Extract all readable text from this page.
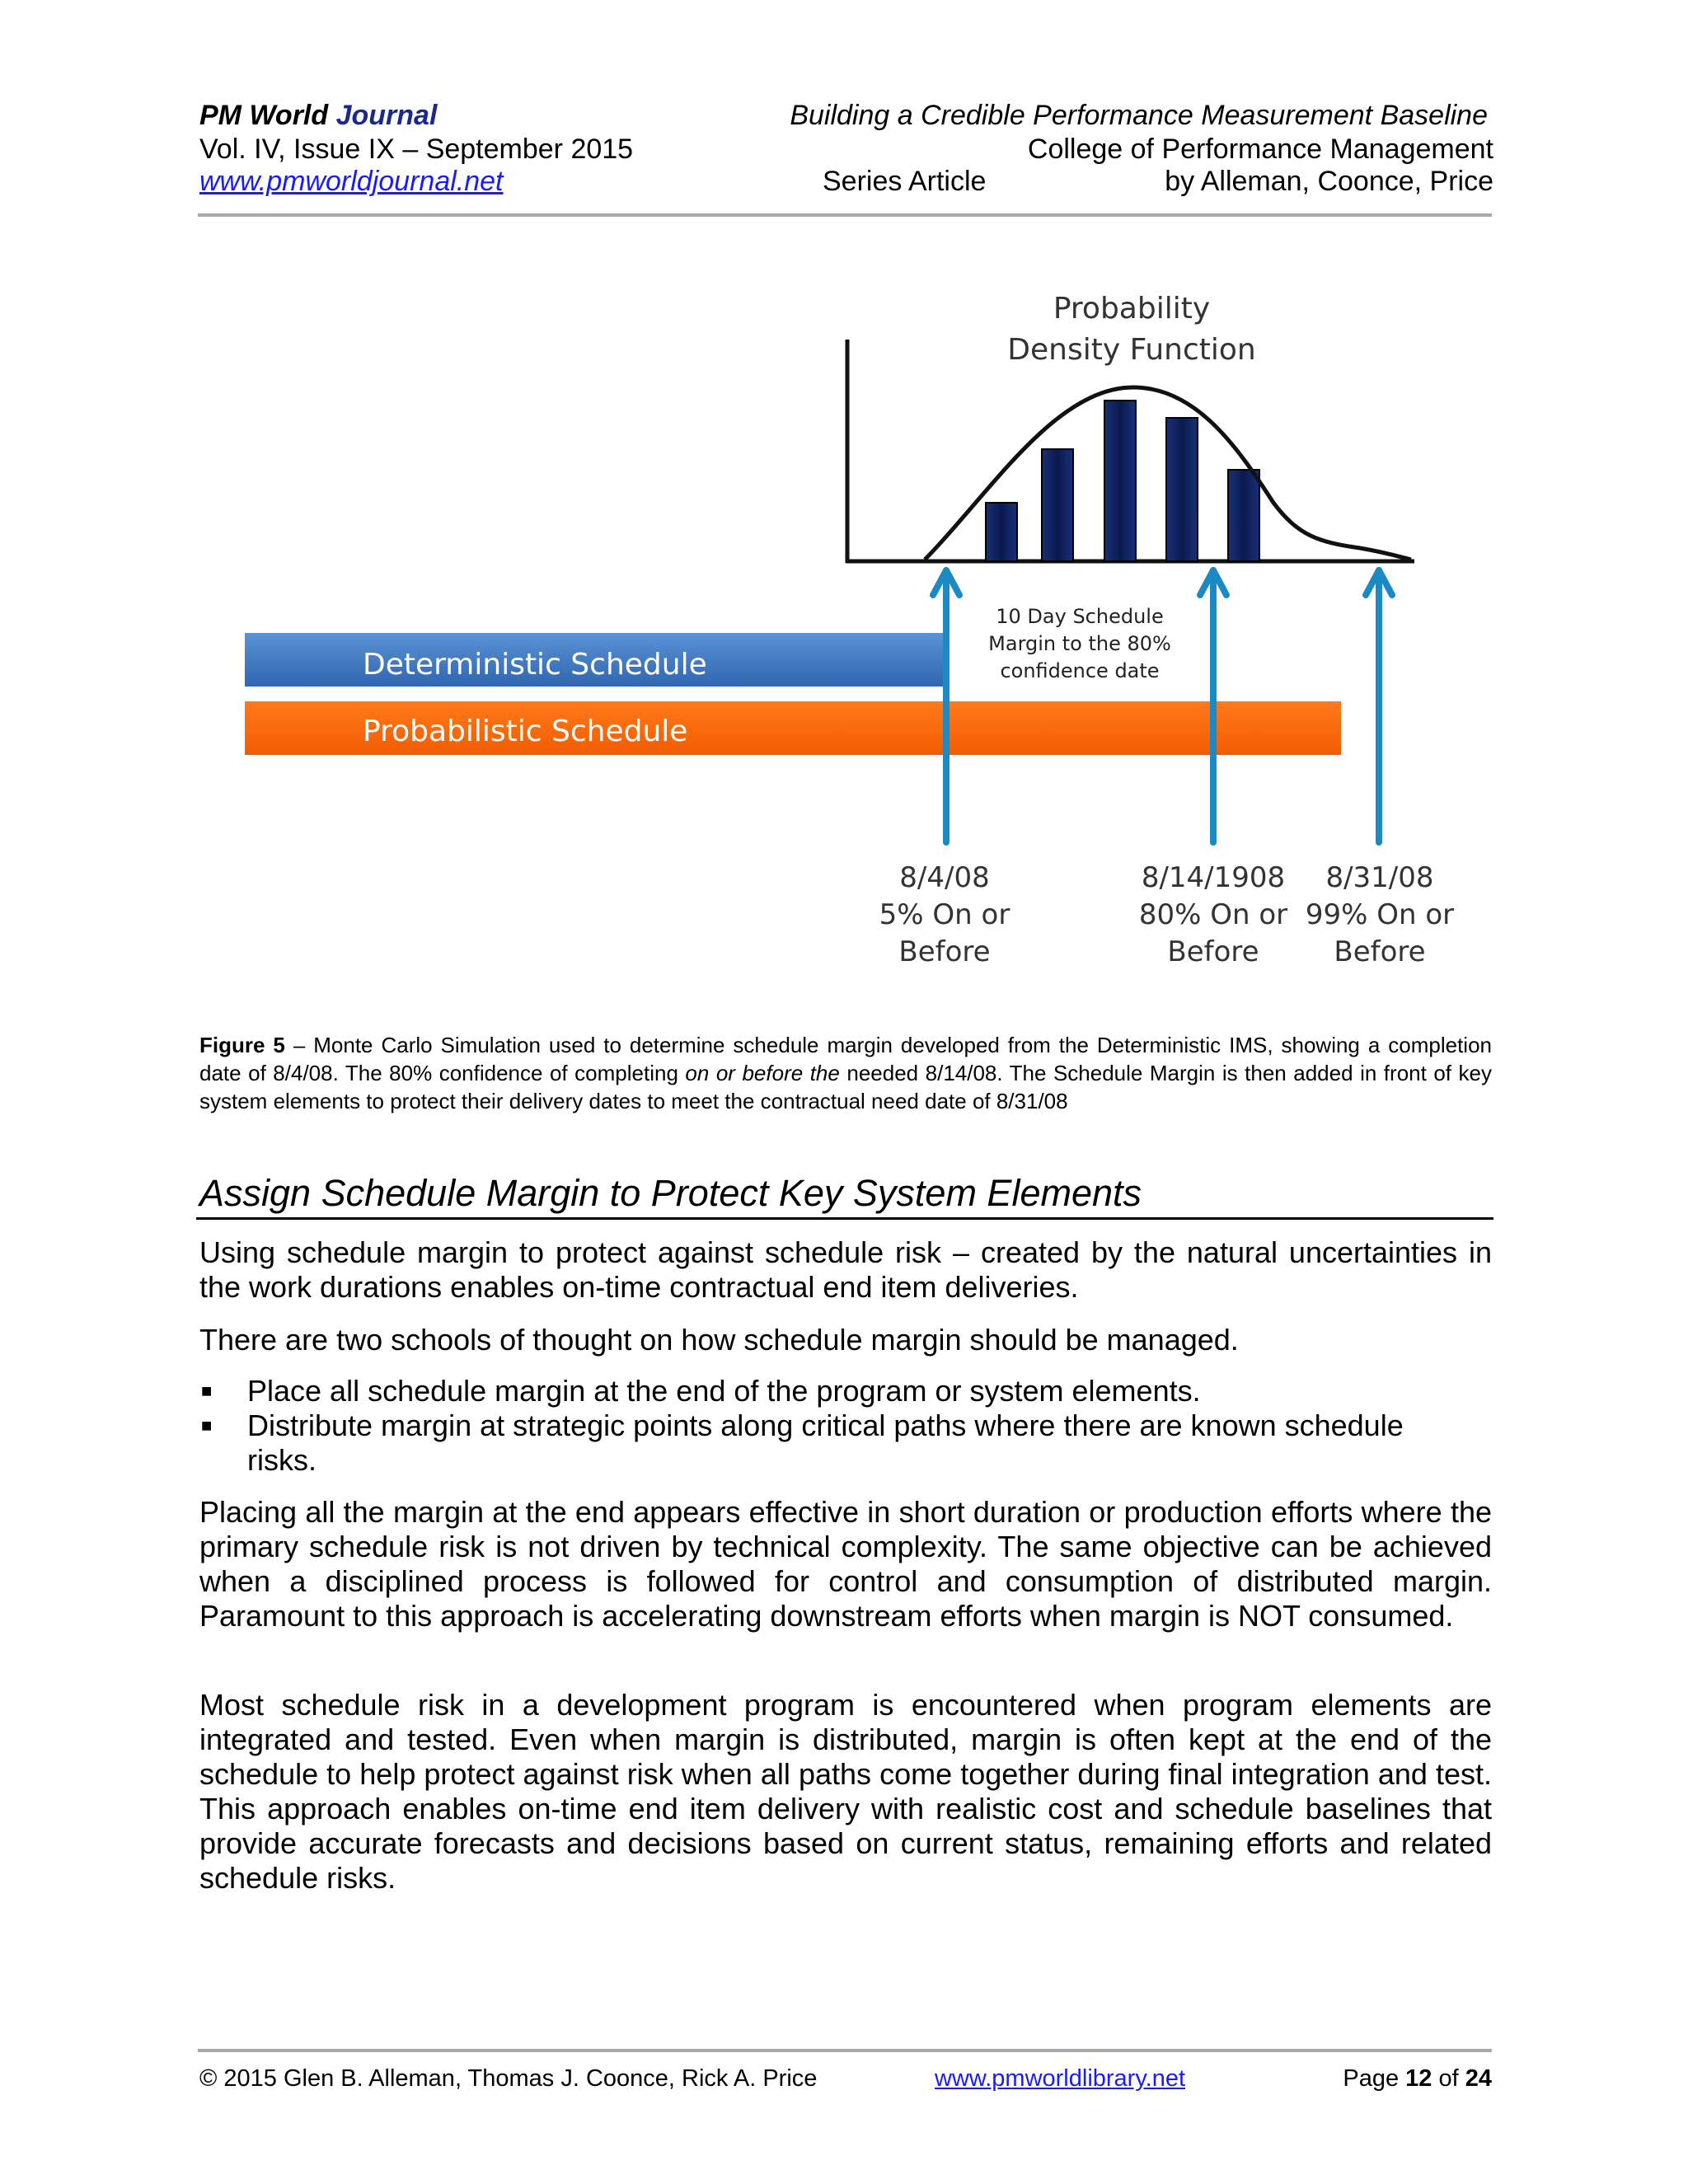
PM World Journal
Vol. IV, Issue IX – September 2015
www.pmworldjournal.net
Building a Credible Performance Measurement Baseline
College of Performance Management
Series Article	by Alleman, Coonce, Price
Probability
Density Function
Deterministic Schedule
Probabilistic Schedule
10 Day Schedule
Margin to the 80%
confidence date
8/4/08
5% On or
Before
8/14/1908
80% On or
Before
8/31/08
99% On or
Before
Figure 5 – Monte Carlo Simulation used to determine schedule margin developed from the Deterministic IMS, showing a completion date of 8/4/08. The 80% confidence of completing on or before the needed 8/14/08. The Schedule Margin is then added in front of key system elements to protect their delivery dates to meet the contractual need date of 8/31/08
Assign Schedule Margin to Protect Key System Elements
Using schedule margin to protect against schedule risk – created by the natural uncertainties in the work durations enables on-time contractual end item deliveries.
There are two schools of thought on how schedule margin should be managed.
■ Place all schedule margin at the end of the program or system elements.
■ Distribute margin at strategic points along critical paths where there are known schedule risks.
Placing all the margin at the end appears effective in short duration or production efforts where the primary schedule risk is not driven by technical complexity. The same objective can be achieved when a disciplined process is followed for control and consumption of distributed margin. Paramount to this approach is accelerating downstream efforts when margin is NOT consumed.
Most schedule risk in a development program is encountered when program elements are integrated and tested. Even when margin is distributed, margin is often kept at the end of the schedule to help protect against risk when all paths come together during final integration and test. This approach enables on-time end item delivery with realistic cost and schedule baselines that provide accurate forecasts and decisions based on current status, remaining efforts and related schedule risks.
© 2015 Glen B. Alleman, Thomas J. Coonce, Rick A. Price	www.pmworldlibrary.net	Page 12 of 24
